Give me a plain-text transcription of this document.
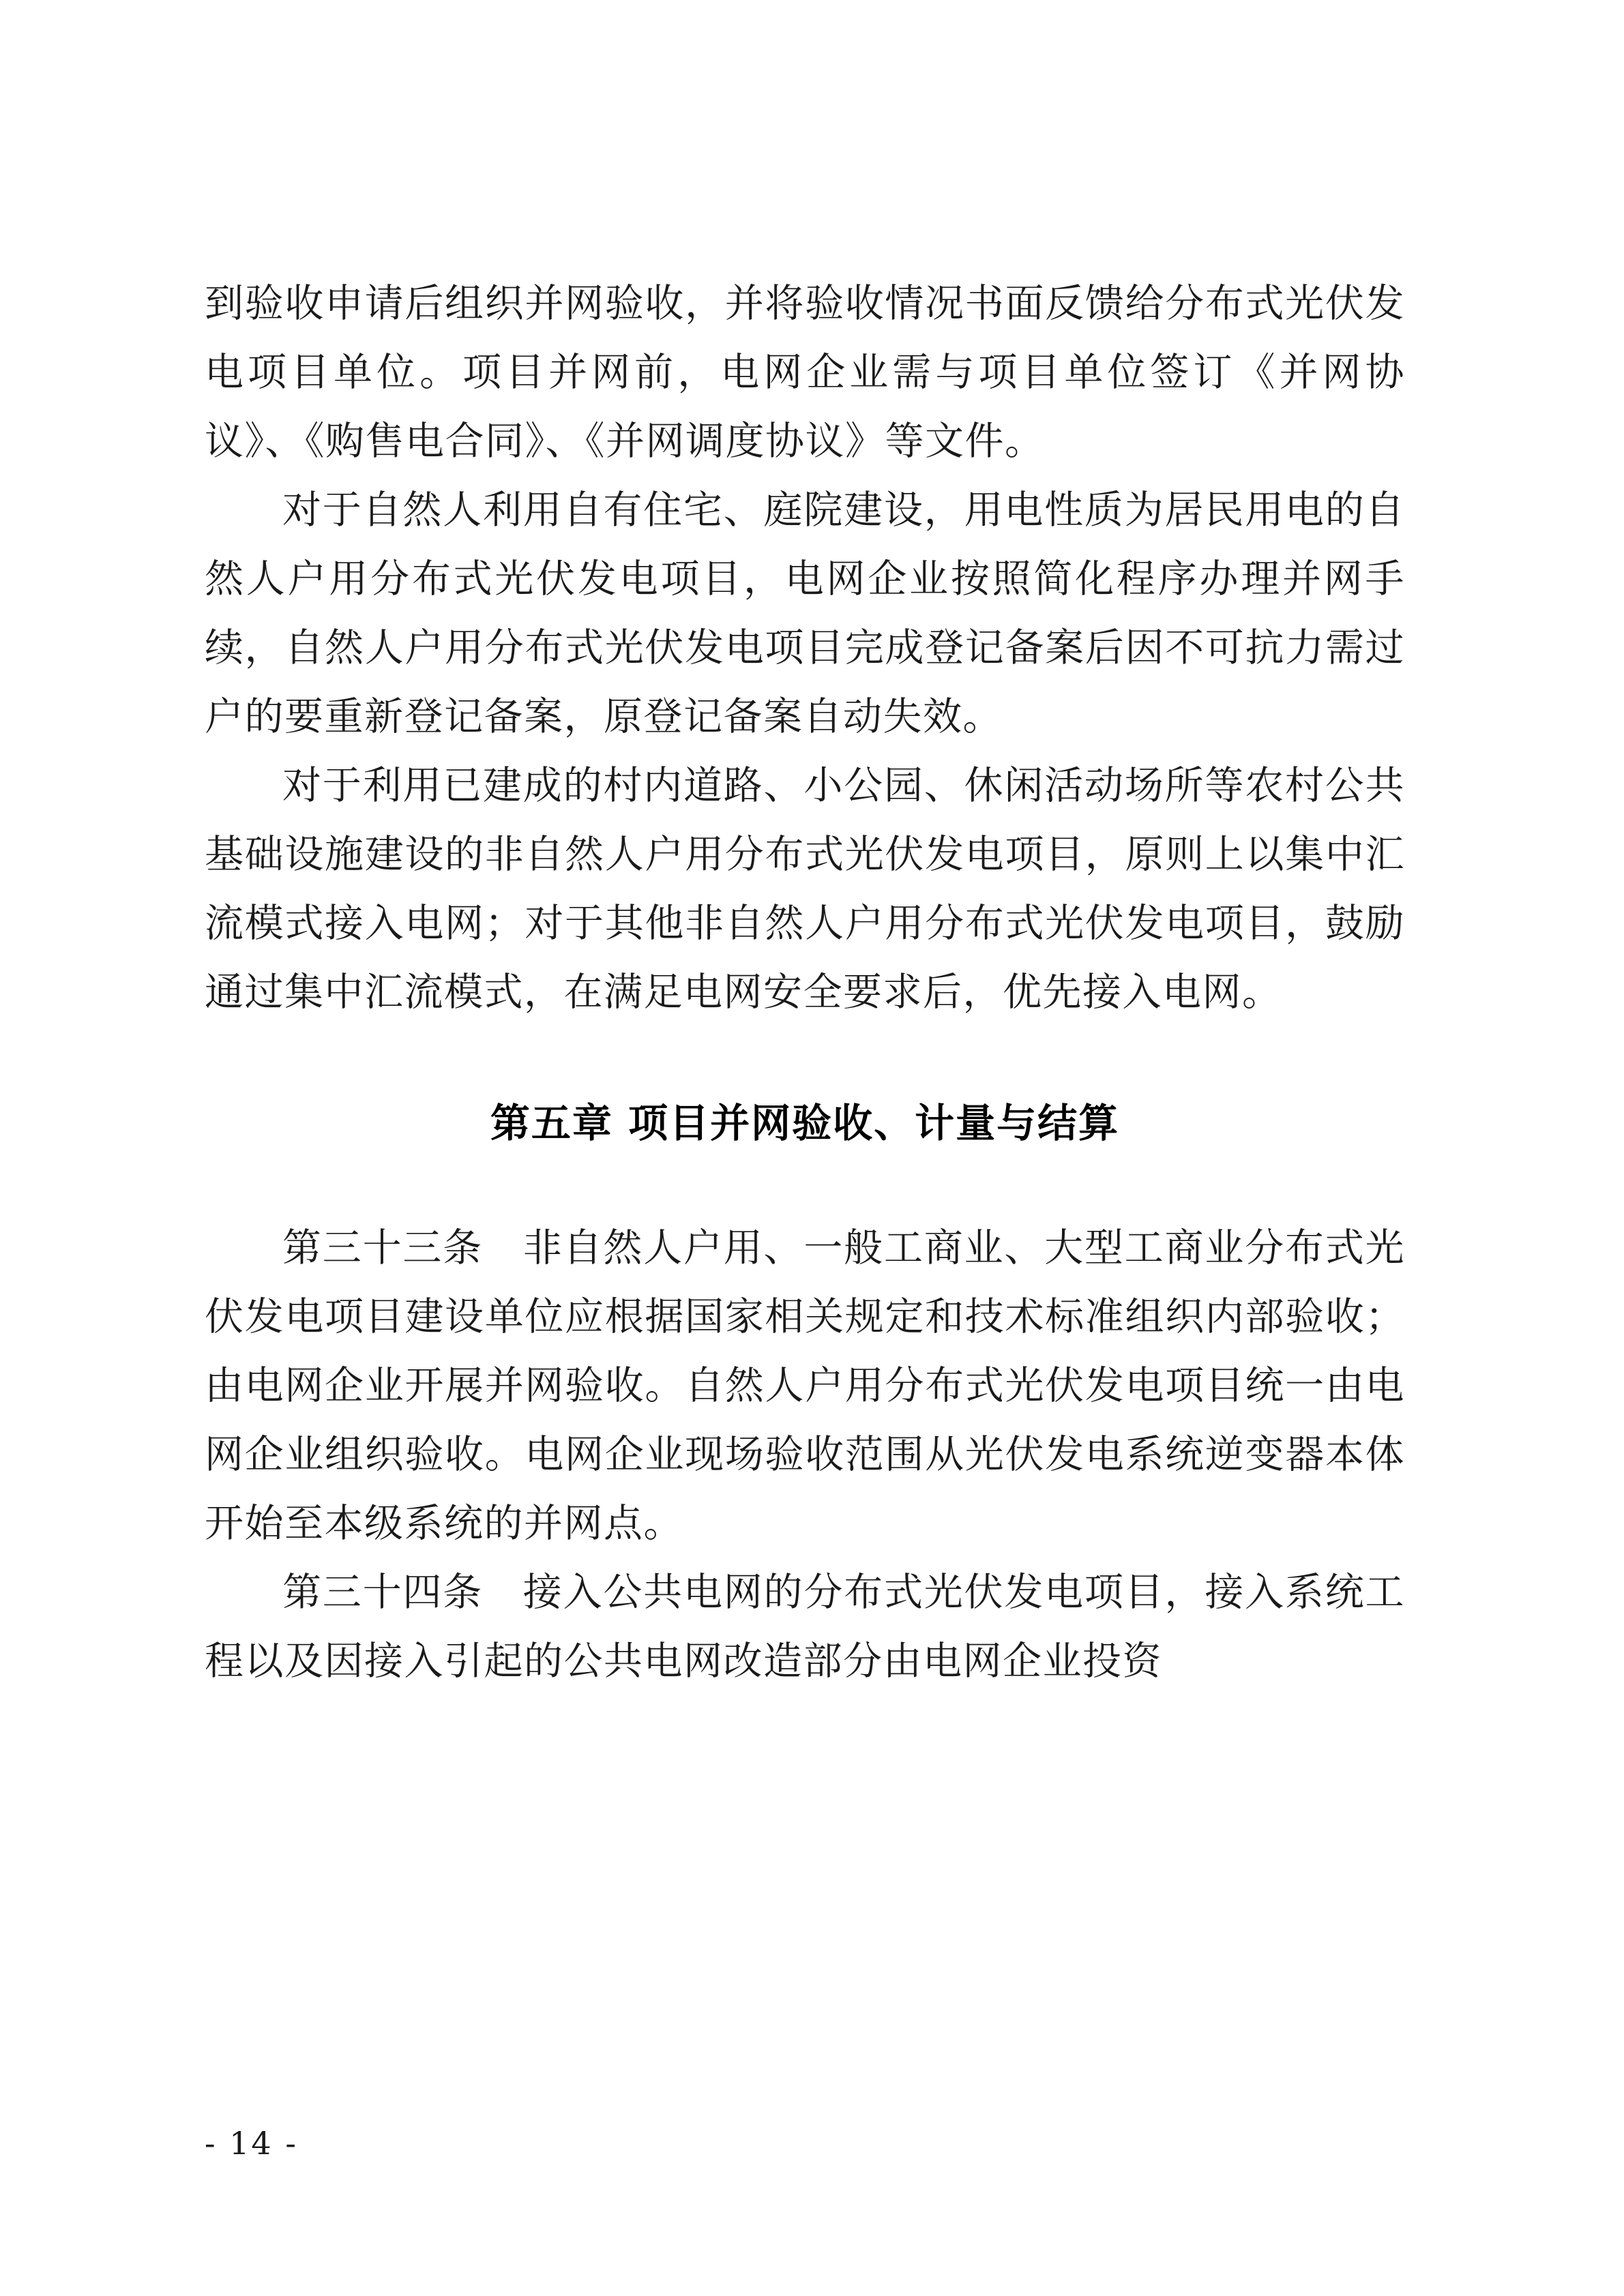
到验收申请后组织并网验收，并将验收情况书面反馈给分布式光伏发电项目单位。项目并网前，电网企业需与项目单位签订《并网协议》、《购售电合同》、《并网调度协议》等文件。

对于自然人利用自有住宅、庭院建设，用电性质为居民用电的自然人户用分布式光伏发电项目，电网企业按照简化程序办理并网手续，自然人户用分布式光伏发电项目完成登记备案后因不可抗力需过户的要重新登记备案，原登记备案自动失效。

对于利用已建成的村内道路、小公园、休闲活动场所等农村公共基础设施建设的非自然人户用分布式光伏发电项目，原则上以集中汇流模式接入电网；对于其他非自然人户用分布式光伏发电项目，鼓励通过集中汇流模式，在满足电网安全要求后，优先接入电网。

第五章 项目并网验收、计量与结算

第三十三条　非自然人户用、一般工商业、大型工商业分布式光伏发电项目建设单位应根据国家相关规定和技术标准组织内部验收；由电网企业开展并网验收。自然人户用分布式光伏发电项目统一由电网企业组织验收。电网企业现场验收范围从光伏发电系统逆变器本体开始至本级系统的并网点。

第三十四条　接入公共电网的分布式光伏发电项目，接入系统工程以及因接入引起的公共电网改造部分由电网企业投资

- 14 -
